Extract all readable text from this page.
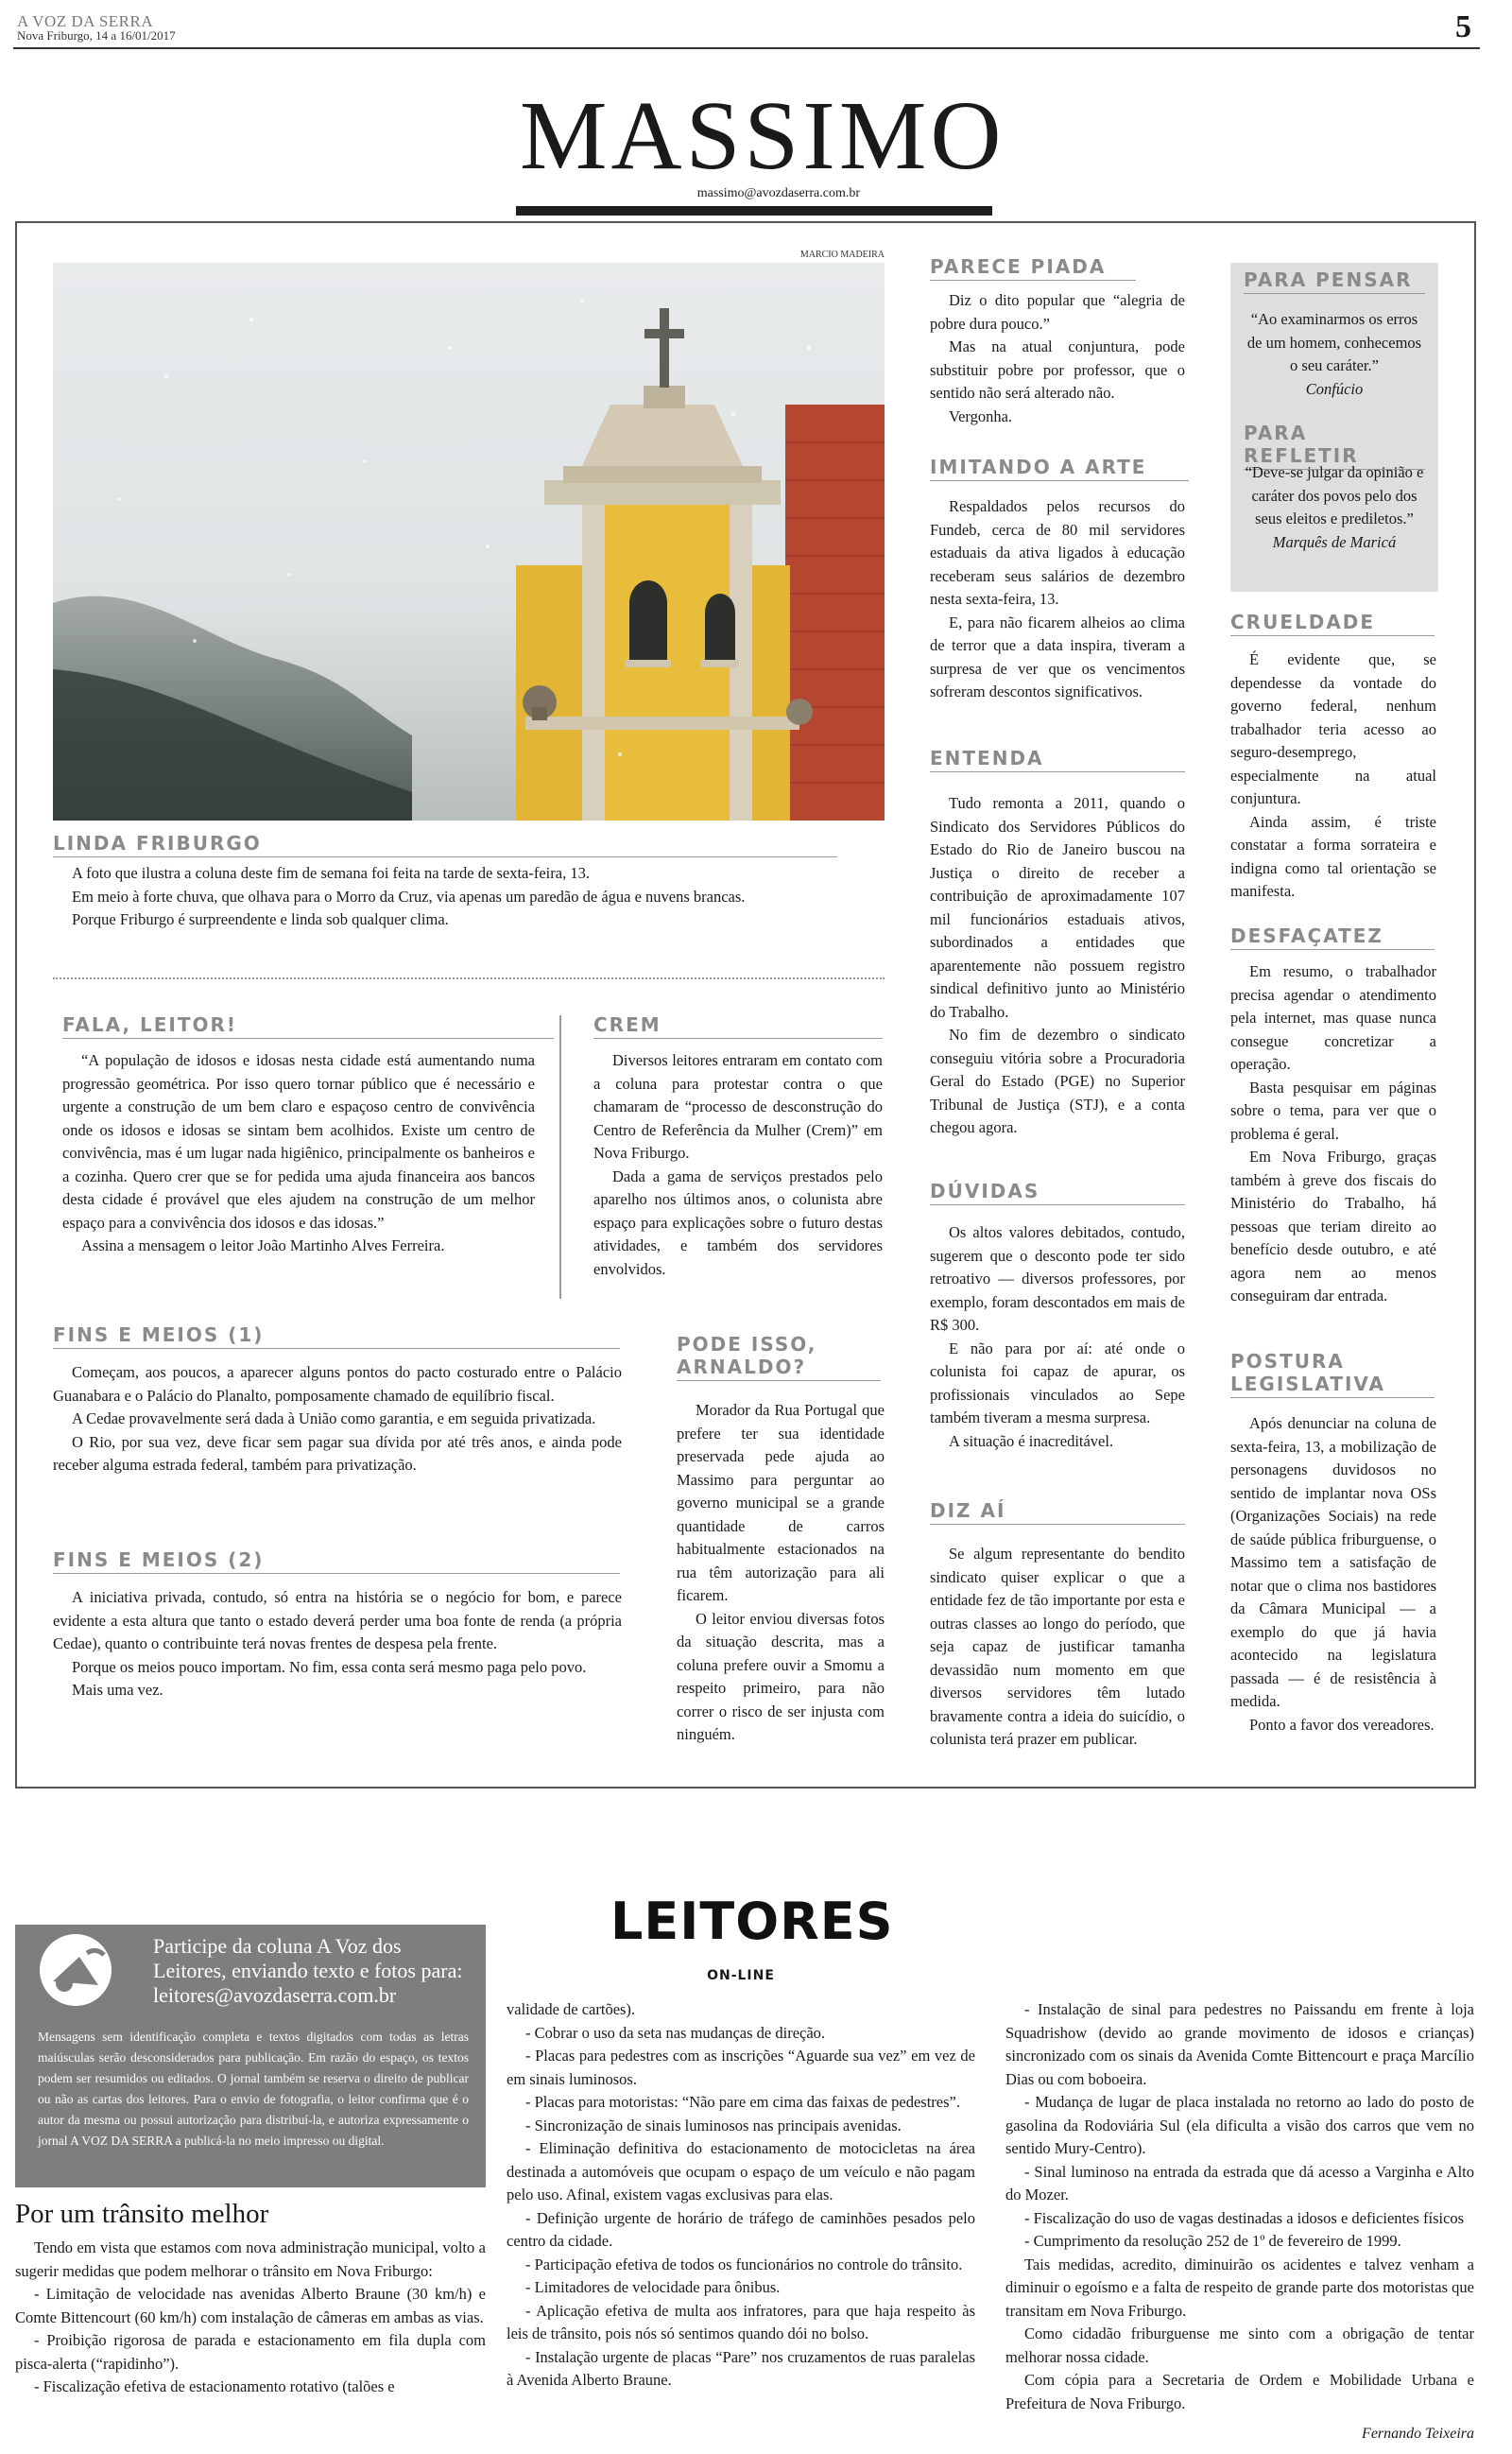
A VOZ DA SERRA
Nova Friburgo, 14 a 16/01/2017	5
MASSIMO
massimo@avozdaserra.com.br
MARCIO MADEIRA
LINDA FRIBURGO

A foto que ilustra a coluna deste fim de semana foi feita na tarde de sexta-feira, 13.

Em meio à forte chuva, que olhava para o Morro da Cruz, via apenas um paredão de água e nuvens brancas.

Porque Friburgo é surpreendente e linda sob qualquer clima.

FALA, LEITOR!

“A população de idosos e idosas nesta cidade está aumentando numa progressão geométrica. Por isso quero tornar público que é necessário e urgente a construção de um bem claro e espaçoso centro de convivência onde os idosos e idosas se sintam bem acolhidos. Existe um centro de convivência, mas é um lugar nada higiênico, principalmente os banheiros e a cozinha. Quero crer que se for pedida uma ajuda financeira aos bancos desta cidade é provável que eles ajudem na construção de um melhor espaço para a convivência dos idosos e das idosas.”

Assina a mensagem o leitor João Martinho Alves Ferreira.

CREM

Diversos leitores entraram em contato com a coluna para protestar contra o que chamaram de “processo de desconstrução do Centro de Referência da Mulher (Crem)” em Nova Friburgo.

Dada a gama de serviços prestados pelo aparelho nos últimos anos, o colunista abre espaço para explicações sobre o futuro destas atividades, e também dos servidores envolvidos.

FINS E MEIOS (1)

Começam, aos poucos, a aparecer alguns pontos do pacto costurado entre o Palácio Guanabara e o Palácio do Planalto, pomposamente chamado de equilíbrio fiscal.

A Cedae provavelmente será dada à União como garantia, e em seguida privatizada.

O Rio, por sua vez, deve ficar sem pagar sua dívida por até três anos, e ainda pode receber alguma estrada federal, também para privatização.

FINS E MEIOS (2)

A iniciativa privada, contudo, só entra na história se o negócio for bom, e parece evidente a esta altura que tanto o estado deverá perder uma boa fonte de renda (a própria Cedae), quanto o contribuinte terá novas frentes de despesa pela frente.

Porque os meios pouco importam. No fim, essa conta será mesmo paga pelo povo.

Mais uma vez.

PODE ISSO, ARNALDO?

Morador da Rua Portugal que prefere ter sua identidade preservada pede ajuda ao Massimo para perguntar ao governo municipal se a grande quantidade de carros habitualmente estacionados na rua têm autorização para ali ficarem.

O leitor enviou diversas fotos da situação descrita, mas a coluna prefere ouvir a Smomu a respeito primeiro, para não correr o risco de ser injusta com ninguém.

PARECE PIADA

Diz o dito popular que “alegria de pobre dura pouco.”

Mas na atual conjuntura, pode substituir pobre por professor, que o sentido não será alterado não.

Vergonha.

IMITANDO A ARTE

Respaldados pelos recursos do Fundeb, cerca de 80 mil servidores estaduais da ativa ligados à educação receberam seus salários de dezembro nesta sexta-feira, 13.

E, para não ficarem alheios ao clima de terror que a data inspira, tiveram a surpresa de ver que os vencimentos sofreram descontos significativos.

ENTENDA

Tudo remonta a 2011, quando o Sindicato dos Servidores Públicos do Estado do Rio de Janeiro buscou na Justiça o direito de receber a contribuição de aproximadamente 107 mil funcionários estaduais ativos, subordinados a entidades que aparentemente não possuem registro sindical definitivo junto ao Ministério do Trabalho.

No fim de dezembro o sindicato conseguiu vitória sobre a Procuradoria Geral do Estado (PGE) no Superior Tribunal de Justiça (STJ), e a conta chegou agora.

DÚVIDAS

Os altos valores debitados, contudo, sugerem que o desconto pode ter sido retroativo — diversos professores, por exemplo, foram descontados em mais de R$ 300.

E não para por aí: até onde o colunista foi capaz de apurar, os profissionais vinculados ao Sepe também tiveram a mesma surpresa.

A situação é inacreditável.

DIZ AÍ

Se algum representante do bendito sindicato quiser explicar o que a entidade fez de tão importante por esta e outras classes ao longo do período, que seja capaz de justificar tamanha devassidão num momento em que diversos servidores têm lutado bravamente contra a ideia do suicídio, o colunista terá prazer em publicar.

PARA PENSAR

“Ao examinarmos os erros de um homem, conhecemos o seu caráter.”

Confúcio

PARA REFLETIR

“Deve-se julgar da opinião e caráter dos povos pelo dos seus eleitos e prediletos.”

Marquês de Maricá

CRUELDADE

É evidente que, se dependesse da vontade do governo federal, nenhum trabalhador teria acesso ao seguro-desemprego, especialmente na atual conjuntura.

Ainda assim, é triste constatar a forma sorrateira e indigna como tal orientação se manifesta.

DESFAÇATEZ

Em resumo, o trabalhador precisa agendar o atendimento pela internet, mas quase nunca consegue concretizar a operação.

Basta pesquisar em páginas sobre o tema, para ver que o problema é geral.

Em Nova Friburgo, graças também à greve dos fiscais do Ministério do Trabalho, há pessoas que teriam direito ao benefício desde outubro, e até agora nem ao menos conseguiram dar entrada.

POSTURA LEGISLATIVA

Após denunciar na coluna de sexta-feira, 13, a mobilização de personagens duvidosos no sentido de implantar nova OSs (Organizações Sociais) na rede de saúde pública friburguense, o Massimo tem a satisfação de notar que o clima nos bastidores da Câmara Municipal — a exemplo do que já havia acontecido na legislatura passada — é de resistência à medida.

Ponto a favor dos vereadores.

Participe da coluna A Voz dos Leitores, enviando texto e fotos para: leitores@avozdaserra.com.br
Mensagens sem identificação completa e textos digitados com todas as letras maiúsculas serão desconsiderados para publicação. Em razão do espaço, os textos podem ser resumidos ou editados. O jornal também se reserva o direito de publicar ou não as cartas dos leitores. Para o envio de fotografia, o leitor confirma que é o autor da mesma ou possui autorização para distribuí-la, e autoriza expressamente o jornal A VOZ DA SERRA a publicá-la no meio impresso ou digital.
LEITORES
ON-LINE
Por um trânsito melhor

Tendo em vista que estamos com nova administração municipal, volto a sugerir medidas que podem melhorar o trânsito em Nova Friburgo:

- Limitação de velocidade nas avenidas Alberto Braune (30 km/h) e Comte Bittencourt (60 km/h) com instalação de câmeras em ambas as vias.

- Proibição rigorosa de parada e estacionamento em fila dupla com pisca-alerta (“rapidinho”).

- Fiscalização efetiva de estacionamento rotativo (talões e

validade de cartões).

- Cobrar o uso da seta nas mudanças de direção.

- Placas para pedestres com as inscrições “Aguarde sua vez” em vez de em sinais luminosos.

- Placas para motoristas: “Não pare em cima das faixas de pedestres”.

- Sincronização de sinais luminosos nas principais avenidas.

- Eliminação definitiva do estacionamento de motocicletas na área destinada a automóveis que ocupam o espaço de um veículo e não pagam pelo uso. Afinal, existem vagas exclusivas para elas.

- Definição urgente de horário de tráfego de caminhões pesados pelo centro da cidade.

- Participação efetiva de todos os funcionários no controle do trânsito.

- Limitadores de velocidade para ônibus.

- Aplicação efetiva de multa aos infratores, para que haja respeito às leis de trânsito, pois nós só sentimos quando dói no bolso.

- Instalação urgente de placas “Pare” nos cruzamentos de ruas paralelas à Avenida Alberto Braune.

- Instalação de sinal para pedestres no Paissandu em frente à loja Squadrishow (devido ao grande movimento de idosos e crianças) sincronizado com os sinais da Avenida Comte Bittencourt e praça Marcílio Dias ou com boboeira.

- Mudança de lugar de placa instalada no retorno ao lado do posto de gasolina da Rodoviária Sul (ela dificulta a visão dos carros que vem no sentido Mury-Centro).

- Sinal luminoso na entrada da estrada que dá acesso a Varginha e Alto do Mozer.

- Fiscalização do uso de vagas destinadas a idosos e deficientes físicos

- Cumprimento da resolução 252 de 1º de fevereiro de 1999.

Tais medidas, acredito, diminuirão os acidentes e talvez venham a diminuir o egoísmo e a falta de respeito de grande parte dos motoristas que transitam em Nova Friburgo.

Como cidadão friburguense me sinto com a obrigação de tentar melhorar nossa cidade.

Com cópia para a Secretaria de Ordem e Mobilidade Urbana e Prefeitura de Nova Friburgo.

Fernando Teixeira
